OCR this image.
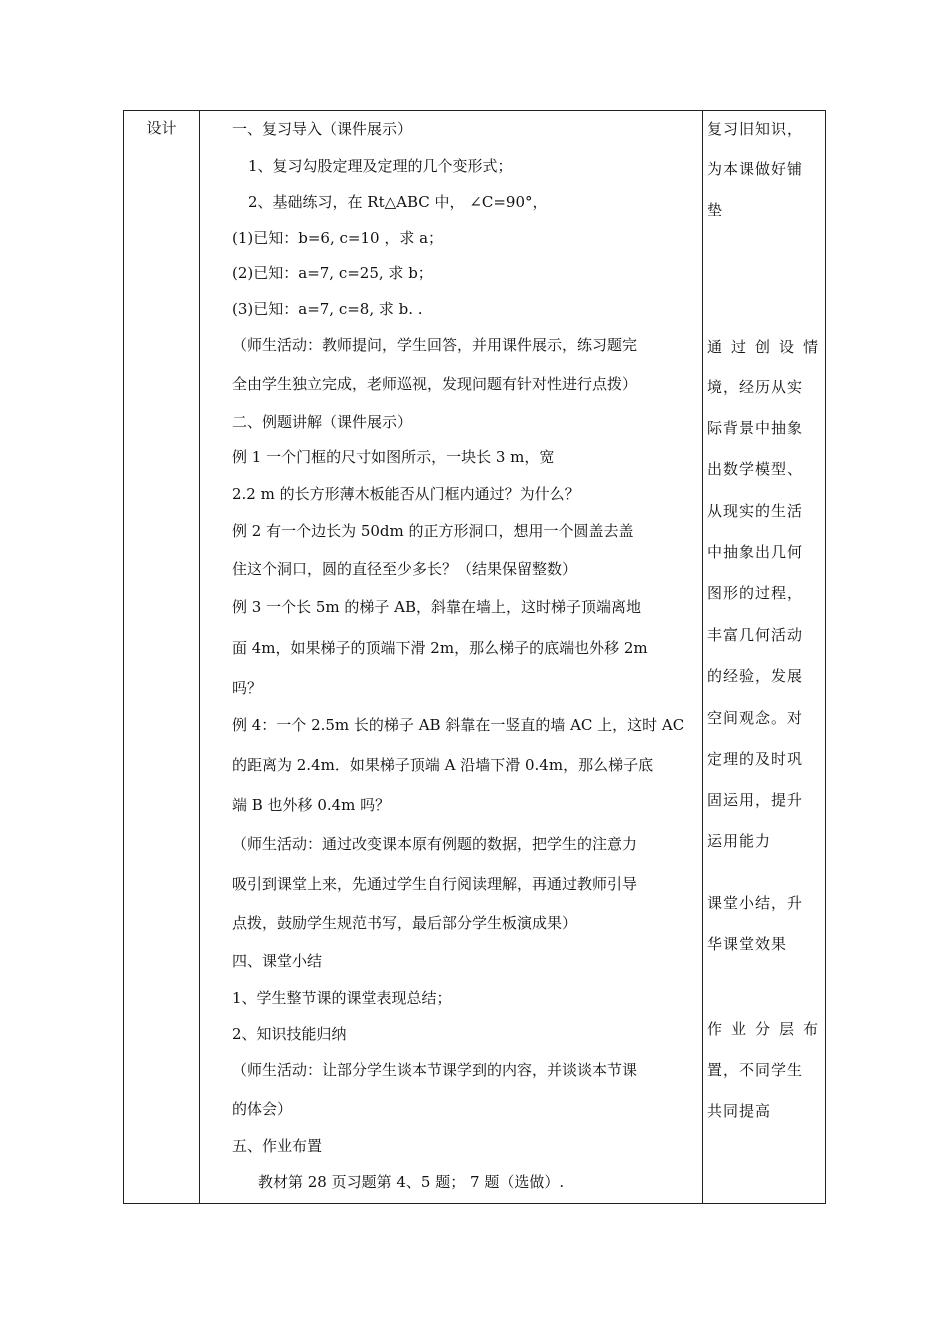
设计	一、复习导入（课件展示）
1、复习勾股定理及定理的几个变形式；
2、基础练习，在 Rt△ABC 中， ∠C=90°，
(1)已知：b=6, c=10 ，求 a；
(2)已知：a=7, c=25, 求 b；
(3)已知：a=7, c=8, 求 b. .
（师生活动：教师提问，学生回答，并用课件展示，练习题完
全由学生独立完成，老师巡视，发现问题有针对性进行点拨）
二、例题讲解（课件展示）
例 1 一个门框的尺寸如图所示，一块长 3 m，宽
2.2 m 的长方形薄木板能否从门框内通过？为什么？
例 2 有一个边长为 50dm 的正方形洞口，想用一个圆盖去盖
住这个洞口，圆的直径至少多长？（结果保留整数）
例 3 一个长 5m 的梯子 AB，斜靠在墙上，这时梯子顶端离地
面 4m，如果梯子的顶端下滑 2m，那么梯子的底端也外移 2m
吗？
例 4：一个 2.5m 长的梯子 AB 斜靠在一竖直的墙 AC 上，这时 AC
的距离为 2.4m．如果梯子顶端 A 沿墙下滑 0.4m，那么梯子底
端 B 也外移 0.4m 吗？
（师生活动：通过改变课本原有例题的数据，把学生的注意力
吸引到课堂上来，先通过学生自行阅读理解，再通过教师引导
点拨，鼓励学生规范书写，最后部分学生板演成果）
四、课堂小结
1、学生整节课的课堂表现总结；
2、知识技能归纳
（师生活动：让部分学生谈本节课学到的内容，并谈谈本节课
的体会）
五、作业布置
教材第 28 页习题第 4、5 题； 7 题（选做）.
复习旧知识，
为本课做好铺
垫
通 过 创 设 情
境，经历从实
际背景中抽象
出数学模型、
从现实的生活
中抽象出几何
图形的过程，
丰富几何活动
的经验，发展
空间观念。对
定理的及时巩
固运用，提升
运用能力
课堂小结，升
华课堂效果
作 业 分 层 布
置，不同学生
共同提高
